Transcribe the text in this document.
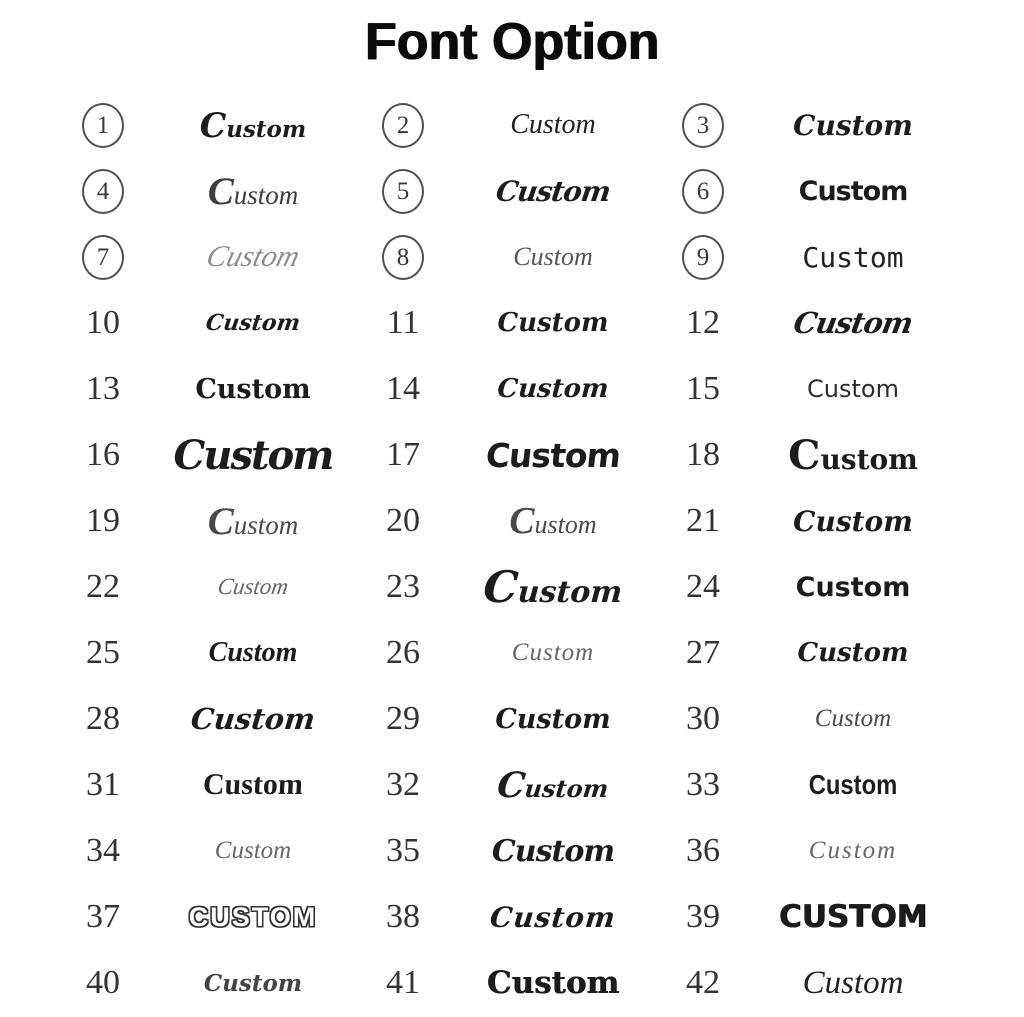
Font Option
1	Custom	2	Custom	3	Custom
4	Custom	5	Custom	6	Custom
7	Custom	8	Custom	9	Custom
10	Custom	11	Custom	12	Custom
13	Custom	14	Custom	15	Custom
16	Custom	17	Custom	18	Custom
19	Custom	20	Custom	21	Custom
22	Custom	23	Custom	24	Custom
25	Custom	26	Custom	27	Custom
28	Custom	29	Custom	30	Custom
31	Custom	32	Custom	33	Custom
34	Custom	35	Custom	36	Custom
37	CUSTOM	38	Custom	39	CUSTOM
40	Custom	41	Custom	42	Custom
